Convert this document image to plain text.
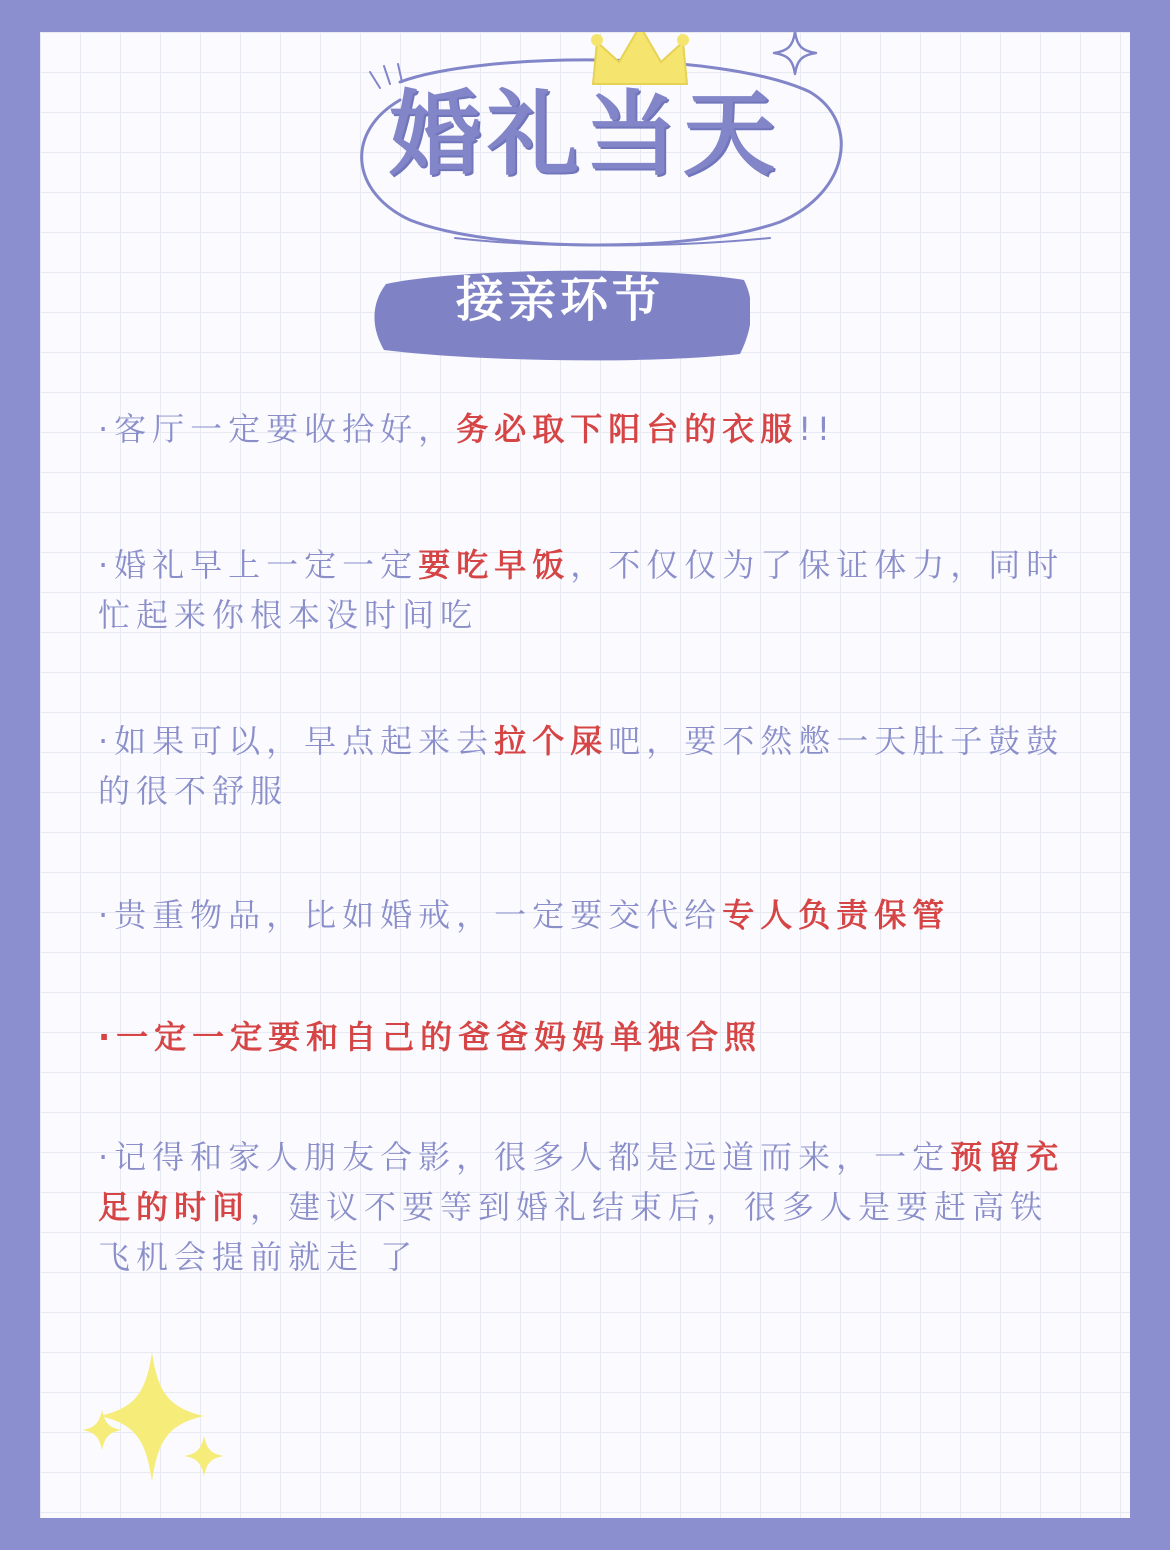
婚礼当天
接亲环节

·客厅一定要收拾好，务必取下阳台的衣服!!

·婚礼早上一定一定要吃早饭，不仅仅为了保证体力，同时忙起来你根本没时间吃

·如果可以，早点起来去拉个屎吧，要不然憋一天肚子鼓鼓的很不舒服

·贵重物品，比如婚戒，一定要交代给专人负责保管

·一定一定要和自己的爸爸妈妈单独合照

·记得和家人朋友合影，很多人都是远道而来，一定预留充足的时间，建议不要等到婚礼结束后，很多人是要赶高铁飞机会提前就走 了
